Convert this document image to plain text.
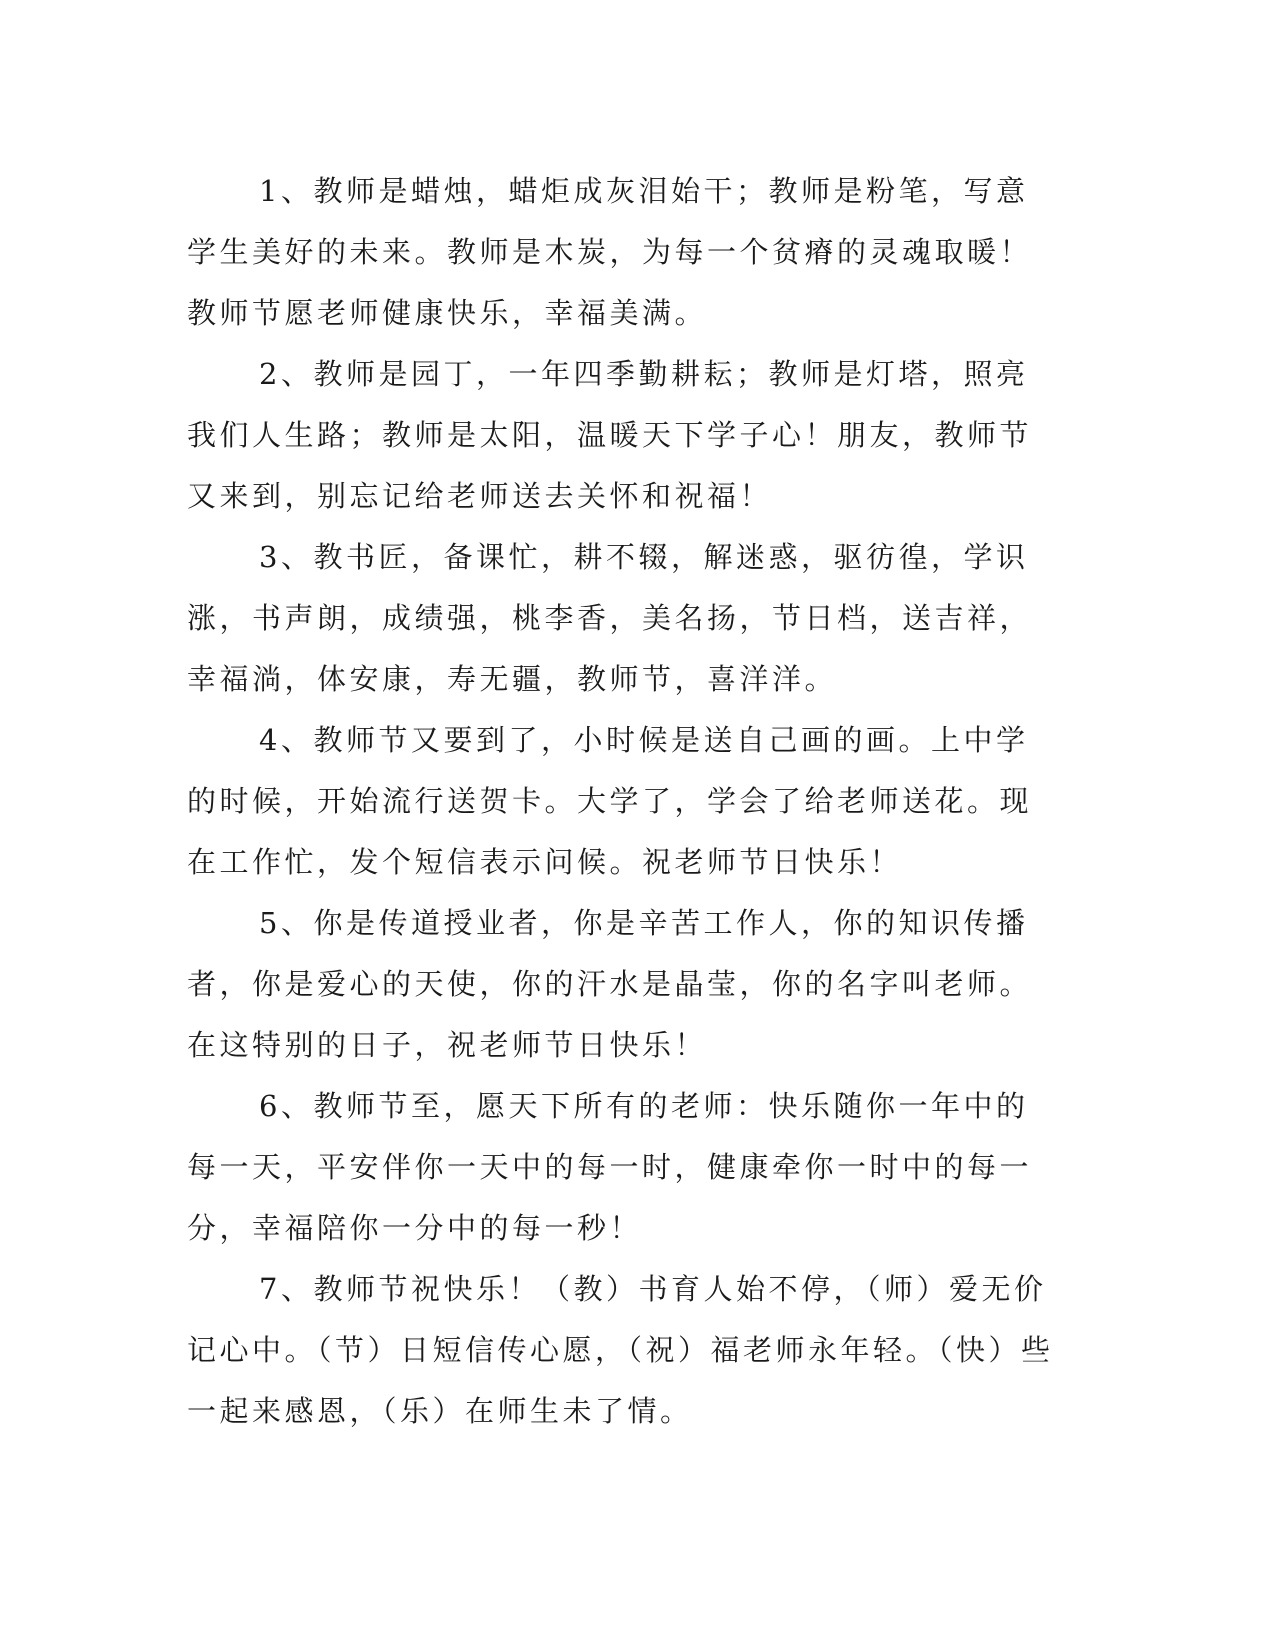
1、教师是蜡烛，蜡炬成灰泪始干；教师是粉笔，写意学生美好的未来。教师是木炭，为每一个贫瘠的灵魂取暖！教师节愿老师健康快乐，幸福美满。

2、教师是园丁，一年四季勤耕耘；教师是灯塔，照亮我们人生路；教师是太阳，温暖天下学子心！朋友，教师节又来到，别忘记给老师送去关怀和祝福！

3、教书匠，备课忙，耕不辍，解迷惑，驱彷徨，学识涨，书声朗，成绩强，桃李香，美名扬，节日档，送吉祥，幸福淌，体安康，寿无疆，教师节，喜洋洋。

4、教师节又要到了，小时候是送自己画的画。上中学的时候，开始流行送贺卡。大学了，学会了给老师送花。现在工作忙，发个短信表示问候。祝老师节日快乐！

5、你是传道授业者，你是辛苦工作人，你的知识传播者，你是爱心的天使，你的汗水是晶莹，你的名字叫老师。在这特别的日子，祝老师节日快乐！

6、教师节至，愿天下所有的老师：快乐随你一年中的每一天，平安伴你一天中的每一时，健康牵你一时中的每一分，幸福陪你一分中的每一秒！

7、教师节祝快乐！（教）书育人始不停，（师）爱无价记心中。（节）日短信传心愿，（祝）福老师永年轻。（快）些一起来感恩，（乐）在师生未了情。
